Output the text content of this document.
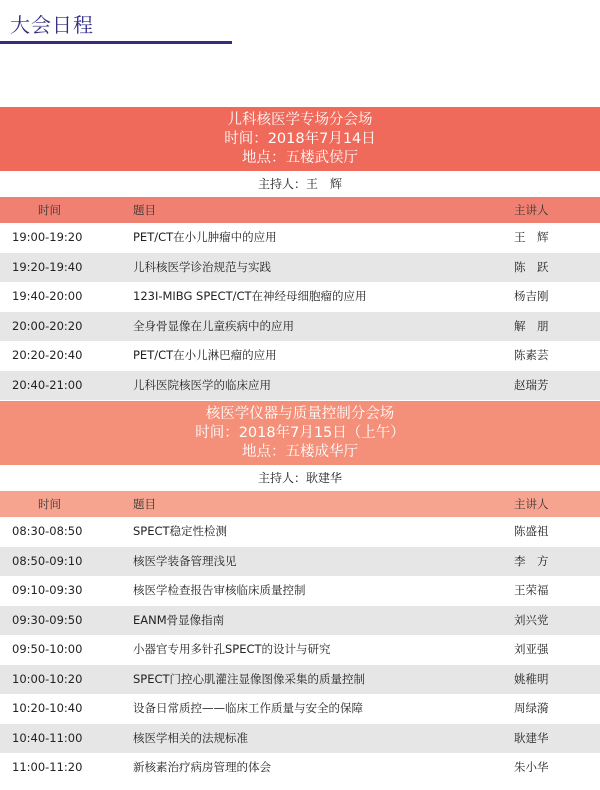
大会日程
儿科核医学专场分会场
时间：2018年7月14日
地点：五楼武侯厅
主持人：王　辉
时间	题目	主讲人
19:00-19:20	PET/CT在小儿肿瘤中的应用	王　辉
19:20-19:40	儿科核医学诊治规范与实践	陈　跃
19:40-20:00	123I-MIBG SPECT/CT在神经母细胞瘤的应用	杨吉刚
20:00-20:20	全身骨显像在儿童疾病中的应用	解　朋
20:20-20:40	PET/CT在小儿淋巴瘤的应用	陈素芸
20:40-21:00	儿科医院核医学的临床应用	赵瑞芳
核医学仪器与质量控制分会场
时间：2018年7月15日（上午）
地点：五楼成华厅
主持人：耿建华
时间	题目	主讲人
08:30-08:50	SPECT稳定性检测	陈盛祖
08:50-09:10	核医学装备管理浅见	李　方
09:10-09:30	核医学检查报告审核临床质量控制	王荣福
09:30-09:50	EANM骨显像指南	刘兴党
09:50-10:00	小器官专用多针孔SPECT的设计与研究	刘亚强
10:00-10:20	SPECT门控心肌灌注显像图像采集的质量控制	姚稚明
10:20-10:40	设备日常质控——临床工作质量与安全的保障	周绿漪
10:40-11:00	核医学相关的法规标准	耿建华
11:00-11:20	新核素治疗病房管理的体会	朱小华
